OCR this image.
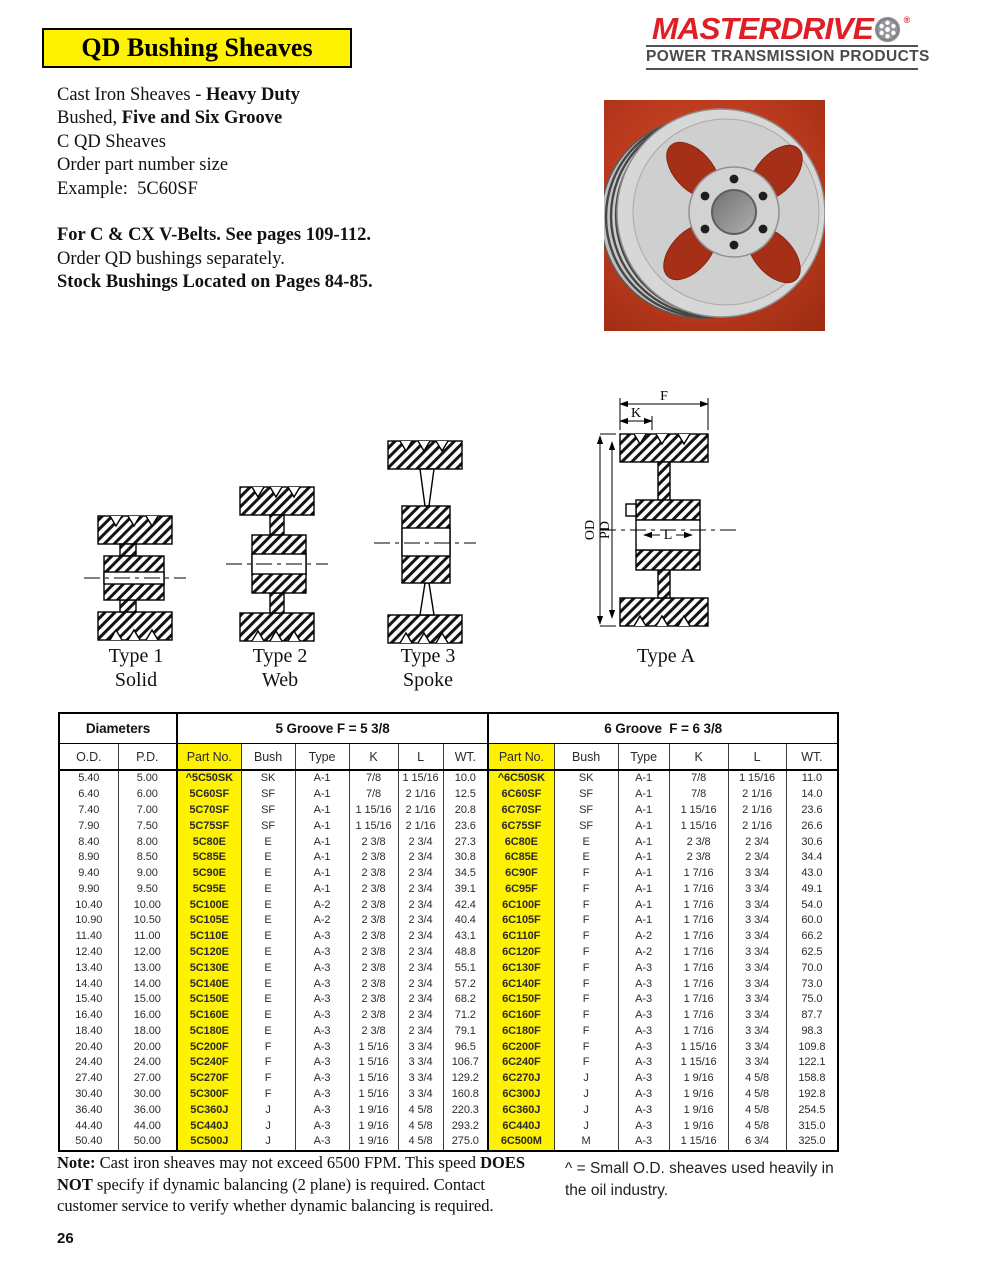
QD Bushing Sheaves
MASTERDRIVE	®
POWER TRANSMISSION PRODUCTS
Cast Iron Sheaves - Heavy Duty
Bushed, Five and Six Groove
C QD Sheaves
Order part number size
Example:  5C60SF
For C & CX V-Belts. See pages 109-112.
Order QD bushings separately.
Stock Bushings Located on Pages 84-85.
F
K
OD PD	L
Type 1
Solid
Type 2
Web
Type 3
Spoke
Type A
Diameters		5 Groove F = 5 3/8						6 Groove  F = 6 3/8					
O.D.	P.D.	Part No.	Bush	Type	K	L	WT.	Part No.	Bush	Type	K	L	WT.
5.40	5.00	^5C50SK	SK	A-1	7/8	1 15/16	10.0	^6C50SK	SK	A-1	7/8	1 15/16	11.0
6.40	6.00	5C60SF	SF	A-1	7/8	2 1/16	12.5	6C60SF	SF	A-1	7/8	2 1/16	14.0
7.40	7.00	5C70SF	SF	A-1	1 15/16	2 1/16	20.8	6C70SF	SF	A-1	1 15/16	2 1/16	23.6
7.90	7.50	5C75SF	SF	A-1	1 15/16	2 1/16	23.6	6C75SF	SF	A-1	1 15/16	2 1/16	26.6
8.40	8.00	5C80E	E	A-1	2 3/8	2 3/4	27.3	6C80E	E	A-1	2 3/8	2 3/4	30.6
8.90	8.50	5C85E	E	A-1	2 3/8	2 3/4	30.8	6C85E	E	A-1	2 3/8	2 3/4	34.4
9.40	9.00	5C90E	E	A-1	2 3/8	2 3/4	34.5	6C90F	F	A-1	1 7/16	3 3/4	43.0
9.90	9.50	5C95E	E	A-1	2 3/8	2 3/4	39.1	6C95F	F	A-1	1 7/16	3 3/4	49.1
10.40	10.00	5C100E	E	A-2	2 3/8	2 3/4	42.4	6C100F	F	A-1	1 7/16	3 3/4	54.0
10.90	10.50	5C105E	E	A-2	2 3/8	2 3/4	40.4	6C105F	F	A-1	1 7/16	3 3/4	60.0
11.40	11.00	5C110E	E	A-3	2 3/8	2 3/4	43.1	6C110F	F	A-2	1 7/16	3 3/4	66.2
12.40	12.00	5C120E	E	A-3	2 3/8	2 3/4	48.8	6C120F	F	A-2	1 7/16	3 3/4	62.5
13.40	13.00	5C130E	E	A-3	2 3/8	2 3/4	55.1	6C130F	F	A-3	1 7/16	3 3/4	70.0
14.40	14.00	5C140E	E	A-3	2 3/8	2 3/4	57.2	6C140F	F	A-3	1 7/16	3 3/4	73.0
15.40	15.00	5C150E	E	A-3	2 3/8	2 3/4	68.2	6C150F	F	A-3	1 7/16	3 3/4	75.0
16.40	16.00	5C160E	E	A-3	2 3/8	2 3/4	71.2	6C160F	F	A-3	1 7/16	3 3/4	87.7
18.40	18.00	5C180E	E	A-3	2 3/8	2 3/4	79.1	6C180F	F	A-3	1 7/16	3 3/4	98.3
20.40	20.00	5C200F	F	A-3	1 5/16	3 3/4	96.5	6C200F	F	A-3	1 15/16	3 3/4	109.8
24.40	24.00	5C240F	F	A-3	1 5/16	3 3/4	106.7	6C240F	F	A-3	1 15/16	3 3/4	122.1
27.40	27.00	5C270F	F	A-3	1 5/16	3 3/4	129.2	6C270J	J	A-3	1 9/16	4 5/8	158.8
30.40	30.00	5C300F	F	A-3	1 5/16	3 3/4	160.8	6C300J	J	A-3	1 9/16	4 5/8	192.8
36.40	36.00	5C360J	J	A-3	1 9/16	4 5/8	220.3	6C360J	J	A-3	1 9/16	4 5/8	254.5
44.40	44.00	5C440J	J	A-3	1 9/16	4 5/8	293.2	6C440J	J	A-3	1 9/16	4 5/8	315.0
50.40	50.00	5C500J	J	A-3	1 9/16	4 5/8	275.0	6C500M	M	A-3	1 15/16	6 3/4	325.0
Note: Cast iron sheaves may not exceed 6500 FPM. This speed DOES NOT specify if dynamic balancing (2 plane) is required. Contact customer service to verify whether dynamic balancing is required.
^ = Small O.D. sheaves used heavily in the oil industry.
26
